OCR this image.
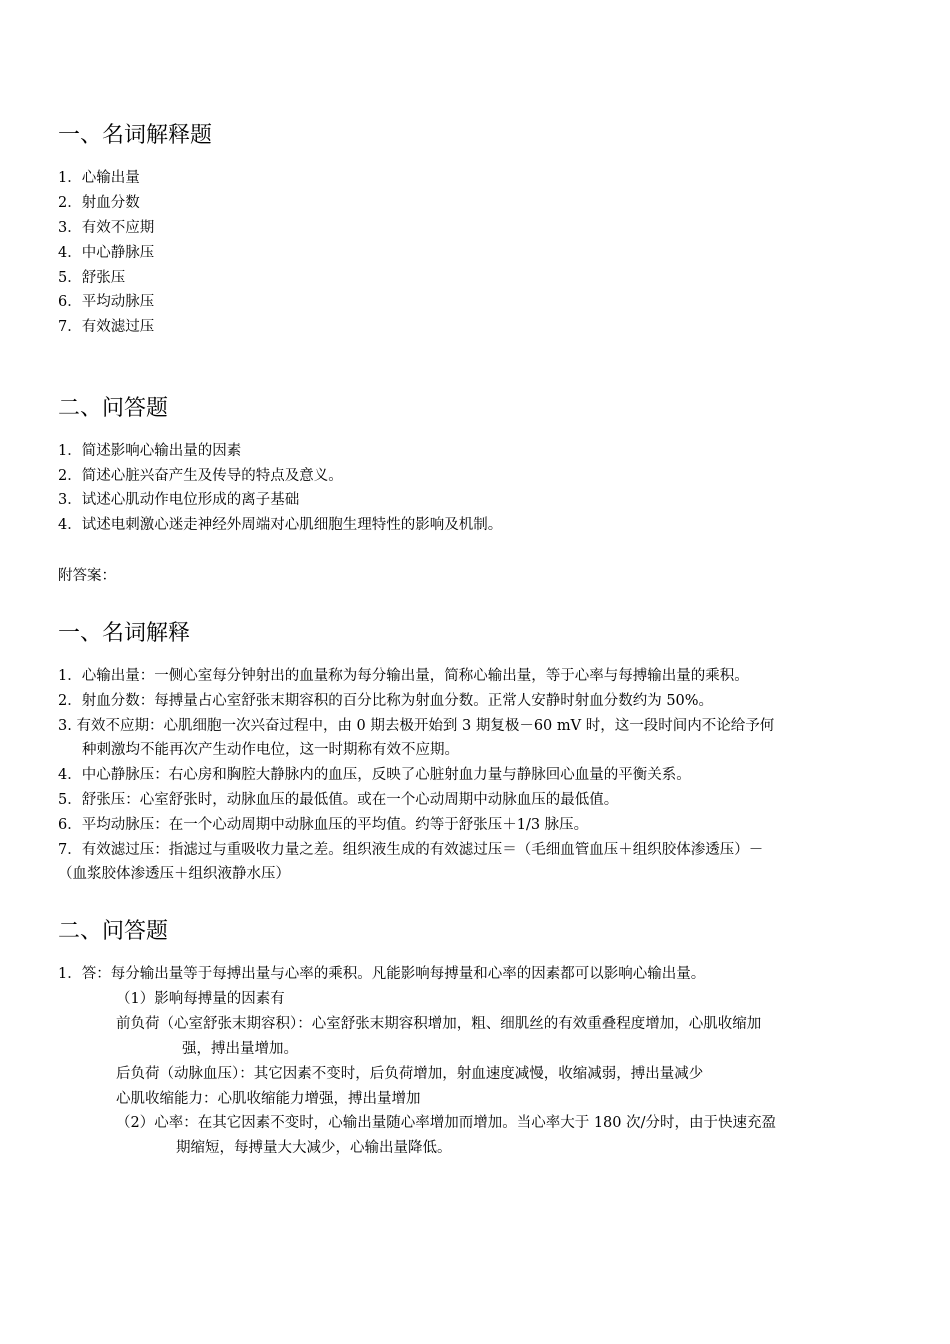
一、名词解释题
1．心输出量
2．射血分数
3．有效不应期
4．中心静脉压
5．舒张压
6．平均动脉压
7．有效滤过压
二、问答题
1．简述影响心输出量的因素
2．简述心脏兴奋产生及传导的特点及意义。
3．试述心肌动作电位形成的离子基础
4．试述电刺激心迷走神经外周端对心肌细胞生理特性的影响及机制。
附答案：
一、名词解释
1．心输出量：一侧心室每分钟射出的血量称为每分输出量，简称心输出量，等于心率与每搏输出量的乘积。
2．射血分数：每搏量占心室舒张末期容积的百分比称为射血分数。正常人安静时射血分数约为 50%。
3. 有效不应期：心肌细胞一次兴奋过程中，由 0 期去极开始到 3 期复极－60 mV 时，这一段时间内不论给予何
种刺激均不能再次产生动作电位，这一时期称有效不应期。
4．中心静脉压：右心房和胸腔大静脉内的血压，反映了心脏射血力量与静脉回心血量的平衡关系。
5．舒张压：心室舒张时，动脉血压的最低值。或在一个心动周期中动脉血压的最低值。
6．平均动脉压：在一个心动周期中动脉血压的平均值。约等于舒张压＋1/3 脉压。
7．有效滤过压：指滤过与重吸收力量之差。组织液生成的有效滤过压＝（毛细血管血压＋组织胶体渗透压）－
（血浆胶体渗透压＋组织液静水压）
二、问答题
1．答：每分输出量等于每搏出量与心率的乘积。凡能影响每搏量和心率的因素都可以影响心输出量。
（1）影响每搏量的因素有
前负荷（心室舒张末期容积）：心室舒张末期容积增加，粗、细肌丝的有效重叠程度增加，心肌收缩加
强，搏出量增加。
后负荷（动脉血压）：其它因素不变时，后负荷增加，射血速度减慢，收缩减弱，搏出量减少
心肌收缩能力：心肌收缩能力增强，搏出量增加
（2）心率：在其它因素不变时，心输出量随心率增加而增加。当心率大于 180 次/分时，由于快速充盈
期缩短，每搏量大大减少，心输出量降低。
